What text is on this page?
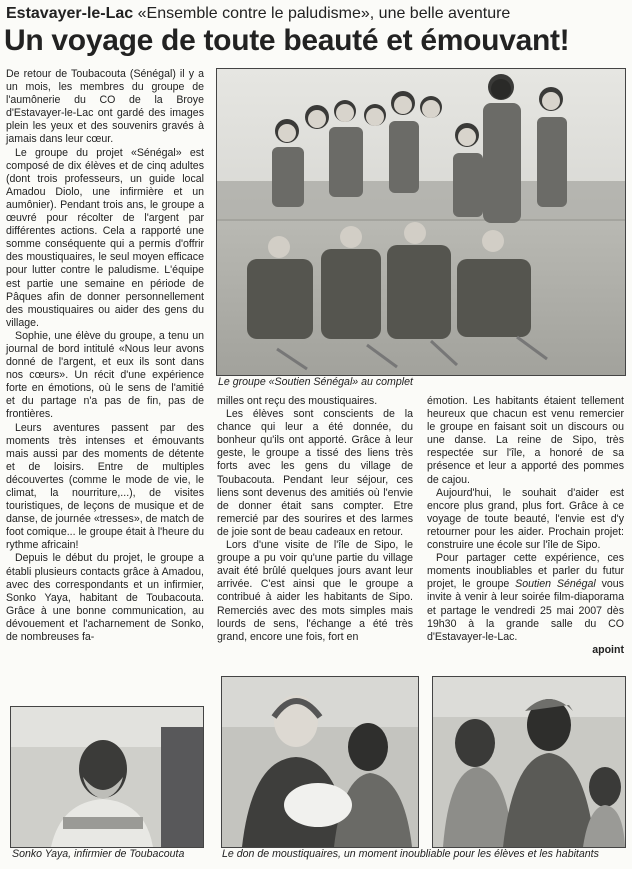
Estavayer-le-Lac «Ensemble contre le paludisme», une belle aventure
Un voyage de toute beauté et émouvant!

De retour de Toubacouta (Sénégal) il y a un mois, les membres du groupe de l'aumônerie du CO de la Broye d'Estavayer-le-Lac ont gardé des images plein les yeux et des souvenirs gravés à jamais dans leur cœur.

Le groupe du projet «Sénégal» est composé de dix élèves et de cinq adultes (dont trois professeurs, un guide local Amadou Diolo, une infirmière et un aumônier). Pendant trois ans, le groupe a œuvré pour récolter de l'argent par différentes actions. Cela a rapporté une somme conséquente qui a permis d'offrir des moustiquaires, le seul moyen efficace pour lutter contre le paludisme. L'équipe est partie une semaine en période de Pâques afin de donner personnellement des moustiquaires ou aider des gens du village.

Sophie, une élève du groupe, a tenu un journal de bord intitulé «Nous leur avons donné de l'argent, et eux ils sont dans nos cœurs». Un récit d'une expérience forte en émotions, où le sens de l'amitié et du partage n'a pas de fin, pas de frontières.

Leurs aventures passent par des moments très intenses et émouvants mais aussi par des moments de détente et de loisirs. Entre de multiples découvertes (comme le mode de vie, le climat, la nourriture,...), de visites touristiques, de leçons de musique et de danse, de journée «tresses», de match de foot comique... le groupe était à l'heure du rythme africain!

Depuis le début du projet, le groupe a établi plusieurs contacts grâce à Amadou, avec des correspondants et un infirmier, Sonko Yaya, habitant de Toubacouta. Grâce à une bonne communication, au dévouement et l'acharnement de Sonko, de nombreuses fa-

Le groupe «Soutien Sénégal» au complet

milles ont reçu des moustiquaires.

Les élèves sont conscients de la chance qui leur a été donnée, du bonheur qu'ils ont apporté. Grâce à leur geste, le groupe a tissé des liens très forts avec les gens du village de Toubacouta. Pendant leur séjour, ces liens sont devenus des amitiés où l'envie de donner était sans compter. Etre remercié par des sourires et des larmes de joie sont de beau cadeaux en retour.

Lors d'une visite de l'île de Sipo, le groupe a pu voir qu'une partie du village avait été brûlé quelques jours avant leur arrivée. C'est ainsi que le groupe a contribué à aider les habitants de Sipo. Remerciés avec des mots simples mais lourds de sens, l'échange a été très grand, encore une fois, fort en

émotion. Les habitants étaient tellement heureux que chacun est venu remercier le groupe en faisant soit un discours ou une danse. La reine de Sipo, très respectée sur l'île, a honoré de sa présence et leur a apporté des pommes de cajou.

Aujourd'hui, le souhait d'aider est encore plus grand, plus fort. Grâce à ce voyage de toute beauté, l'envie est d'y retourner pour les aider. Prochain projet: construire une école sur l'île de Sipo.

Pour partager cette expérience, ces moments inoubliables et parler du futur projet, le groupe Soutien Sénégal vous invite à venir à leur soirée film-diaporama et partage le vendredi 25 mai 2007 dès 19h30 à la grande salle du CO d'Estavayer-le-Lac.

apoint

Sonko Yaya, infirmier de Toubacouta	Le don de moustiquaires, un moment inoubliable pour les élèves et les habitants
